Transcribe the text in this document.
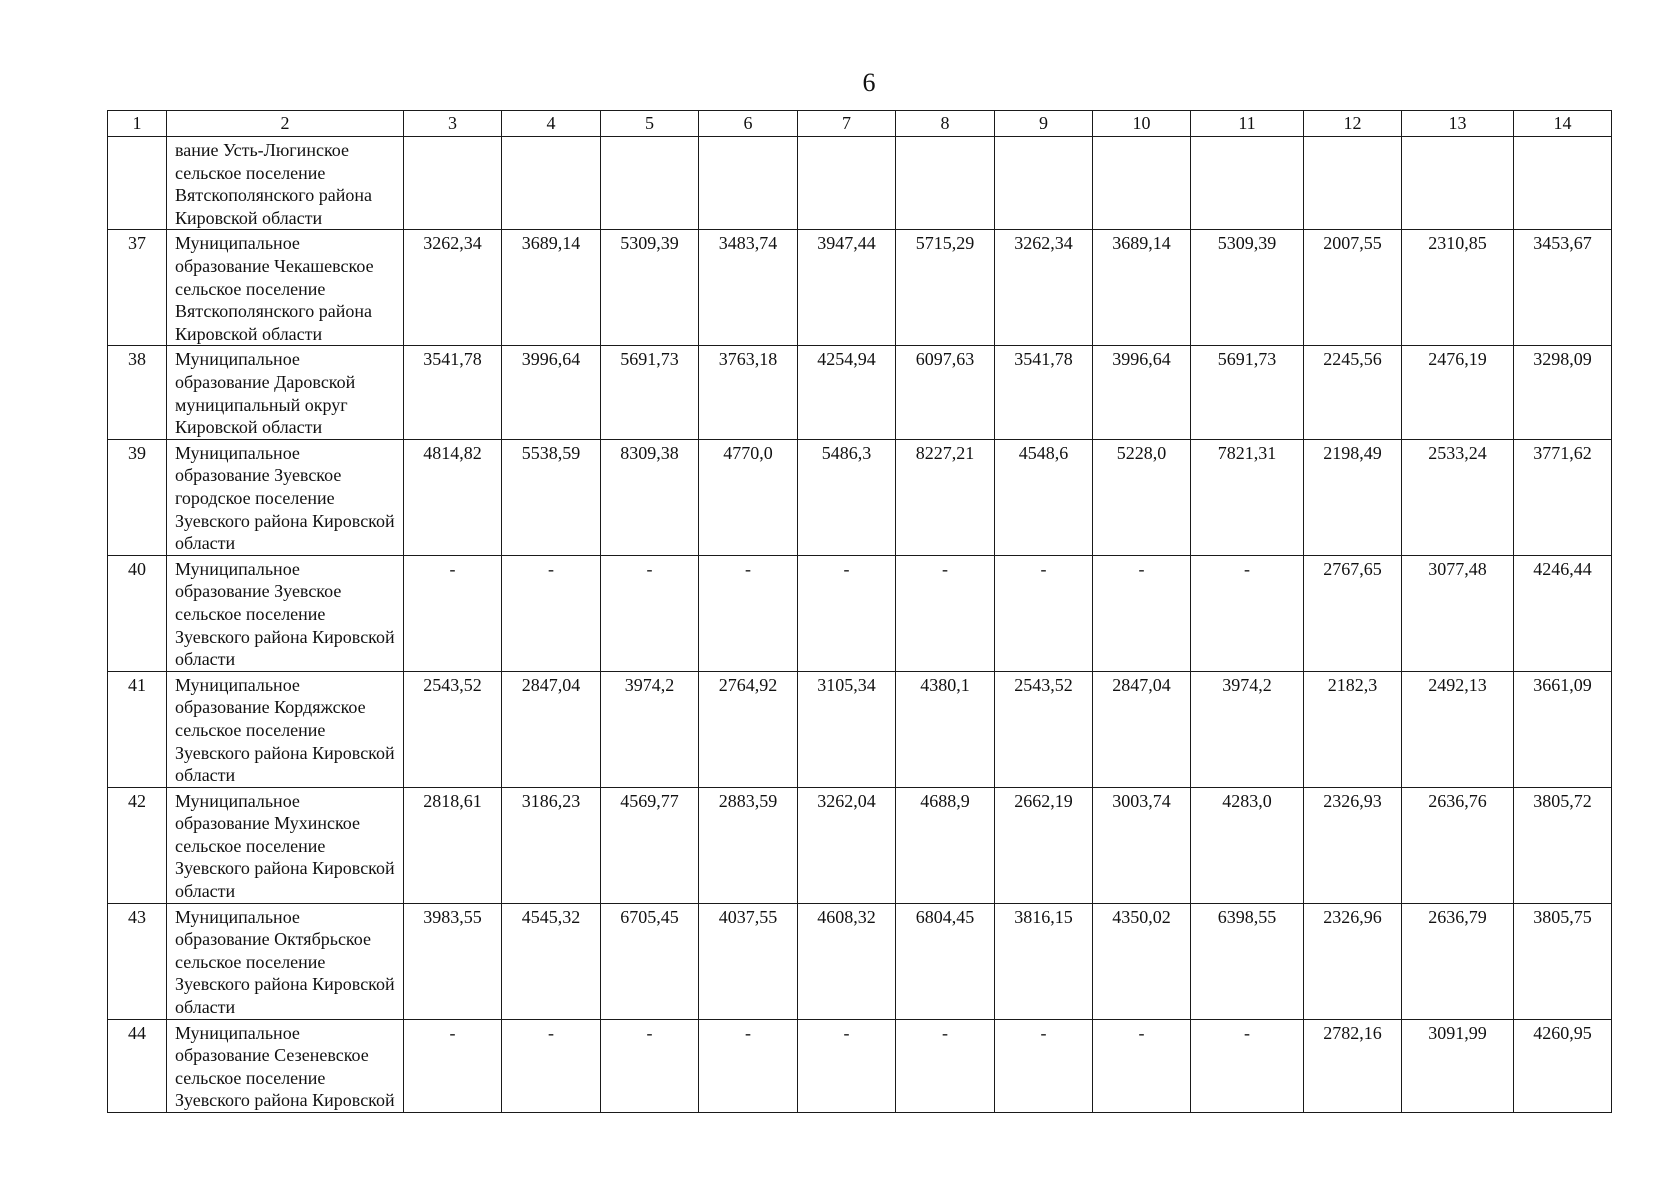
6
1	2	3	4	5	6	7	8	9	10	11	12	13	14
	вание Усть-Люгинское сельское поселение Вятскополянского района Кировской области												
37	Муниципальное образование Чекашевское сельское поселение Вятскополянского района Кировской области	3262,34	3689,14	5309,39	3483,74	3947,44	5715,29	3262,34	3689,14	5309,39	2007,55	2310,85	3453,67
38	Муниципальное образование Даровской муниципальный округ Кировской области	3541,78	3996,64	5691,73	3763,18	4254,94	6097,63	3541,78	3996,64	5691,73	2245,56	2476,19	3298,09
39	Муниципальное образование Зуевское городское поселение Зуевского района Кировской области	4814,82	5538,59	8309,38	4770,0	5486,3	8227,21	4548,6	5228,0	7821,31	2198,49	2533,24	3771,62
40	Муниципальное образование Зуевское сельское поселение Зуевского района Кировской области	-	-	-	-	-	-	-	-	-	2767,65	3077,48	4246,44
41	Муниципальное образование Кордяжское сельское поселение Зуевского района Кировской области	2543,52	2847,04	3974,2	2764,92	3105,34	4380,1	2543,52	2847,04	3974,2	2182,3	2492,13	3661,09
42	Муниципальное образование Мухинское сельское поселение Зуевского района Кировской области	2818,61	3186,23	4569,77	2883,59	3262,04	4688,9	2662,19	3003,74	4283,0	2326,93	2636,76	3805,72
43	Муниципальное образование Октябрьское сельское поселение Зуевского района Кировской области	3983,55	4545,32	6705,45	4037,55	4608,32	6804,45	3816,15	4350,02	6398,55	2326,96	2636,79	3805,75
44	Муниципальное образование Сезеневское сельское поселение Зуевского района Кировской	-	-	-	-	-	-	-	-	-	2782,16	3091,99	4260,95
